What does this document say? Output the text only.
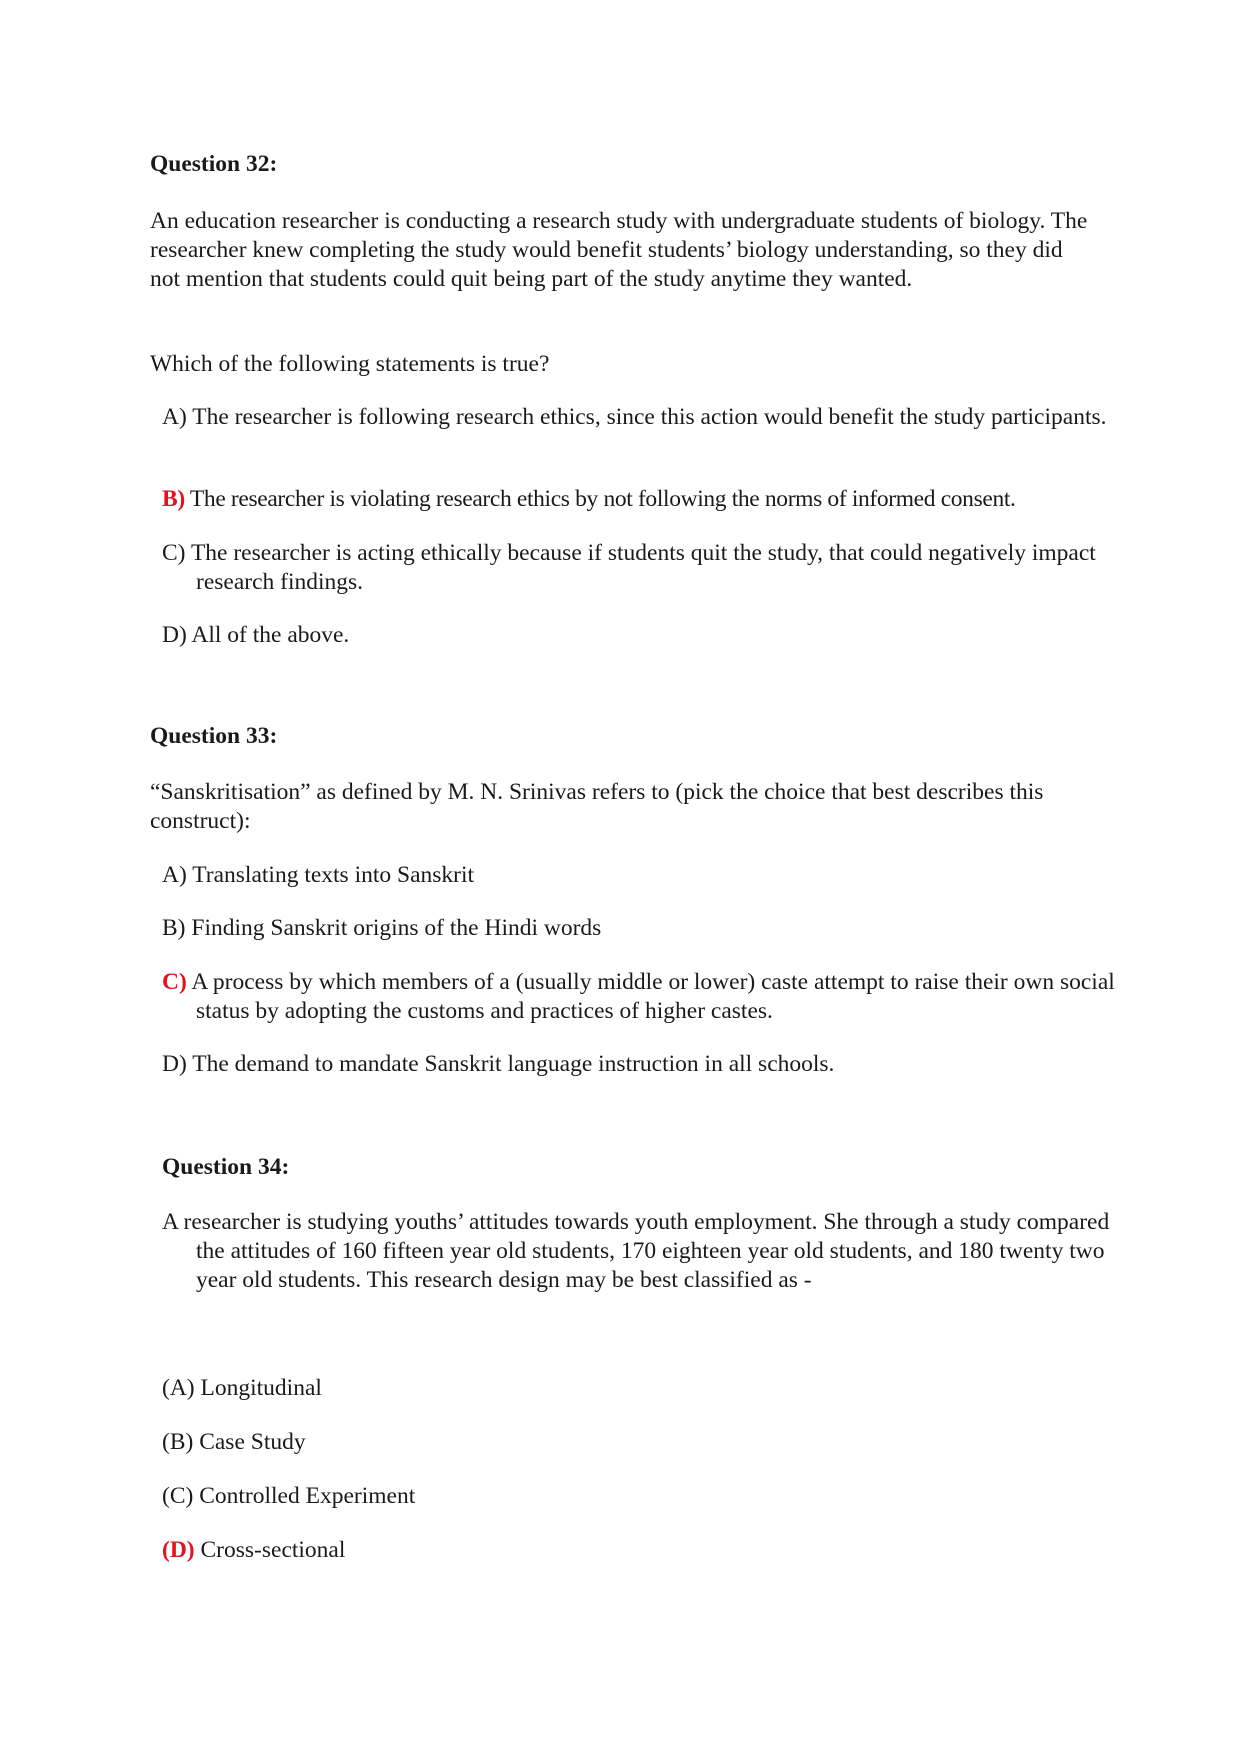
Question 32:

An education researcher is conducting a research study with undergraduate students of biology. The researcher knew completing the study would benefit students’ biology understanding, so they did not mention that students could quit being part of the study anytime they wanted.

Which of the following statements is true?

A) The researcher is following research ethics, since this action would benefit the study participants.

B) The researcher is violating research ethics by not following the norms of informed consent.

C) The researcher is acting ethically because if students quit the study, that could negatively impact research findings.

D) All of the above.

Question 33:

“Sanskritisation” as defined by M. N. Srinivas refers to (pick the choice that best describes this construct):

A) Translating texts into Sanskrit

B) Finding Sanskrit origins of the Hindi words

C) A process by which members of a (usually middle or lower) caste attempt to raise their own social status by adopting the customs and practices of higher castes.

D) The demand to mandate Sanskrit language instruction in all schools.

Question 34:

A researcher is studying youths’ attitudes towards youth employment. She through a study compared the attitudes of 160 fifteen year old students, 170 eighteen year old students, and 180 twenty two year old students. This research design may be best classified as -

(A) Longitudinal

(B) Case Study

(C) Controlled Experiment

(D) Cross-sectional
